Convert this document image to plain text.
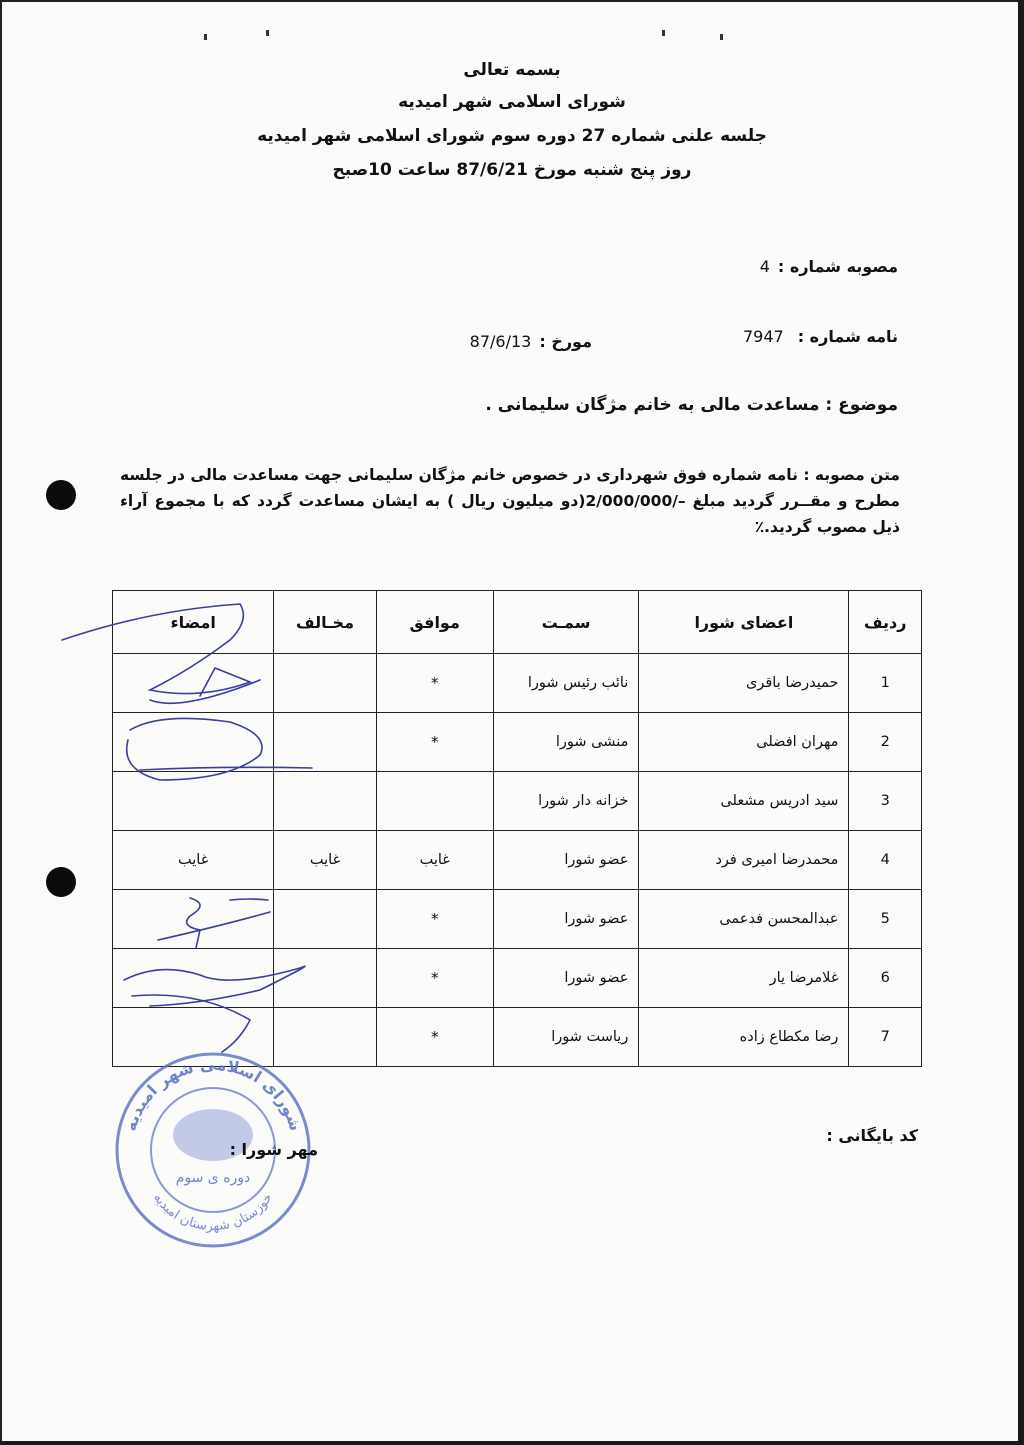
بسمه تعالی
شورای اسلامی شهر امیدیه
جلسه علنی شماره 27 دوره سوم شورای اسلامی شهر امیدیه
روز پنج شنبه مورخ 87/6/21 ساعت 10صبح
مصوبه شماره :4
نامه شماره :7947
مورخ :87/6/13
موضوع : مساعدت مالی به خانم مژگان سلیمانی .
متن مصوبه : نامه شماره فوق شهرداری در خصوص خانم مژگان سلیمانی جهت مساعدت مالی در جلسه مطرح و مقــرر گردید مبلغ –/2/000/000(دو میلیون ریال ) به ایشان مساعدت گردد که با مجموع آراء ذیل مصوب گردید.٪
ردیف	اعضای شورا	سمـت	موافق	مخـالف	امضاء
1	حمیدرضا باقری	نائب رئیس شورا	*		
2	مهران افضلی	منشی شورا	*		
3	سید ادریس مشعلی	خزانه دار شورا			
4	محمدرضا امیری فرد	عضو شورا	غایب	غایب	غایب
5	عبدالمحسن فدعمی	عضو شورا	*		
6	غلامرضا یار	عضو شورا	*		
7	رضا مکطاع زاده	ریاست شورا	*		
شورای اسلامی شهر امیدیه
خوزستان شهرستان امیدیه
دوره ی سوم
کد بایگانی :
مهر شورا :
